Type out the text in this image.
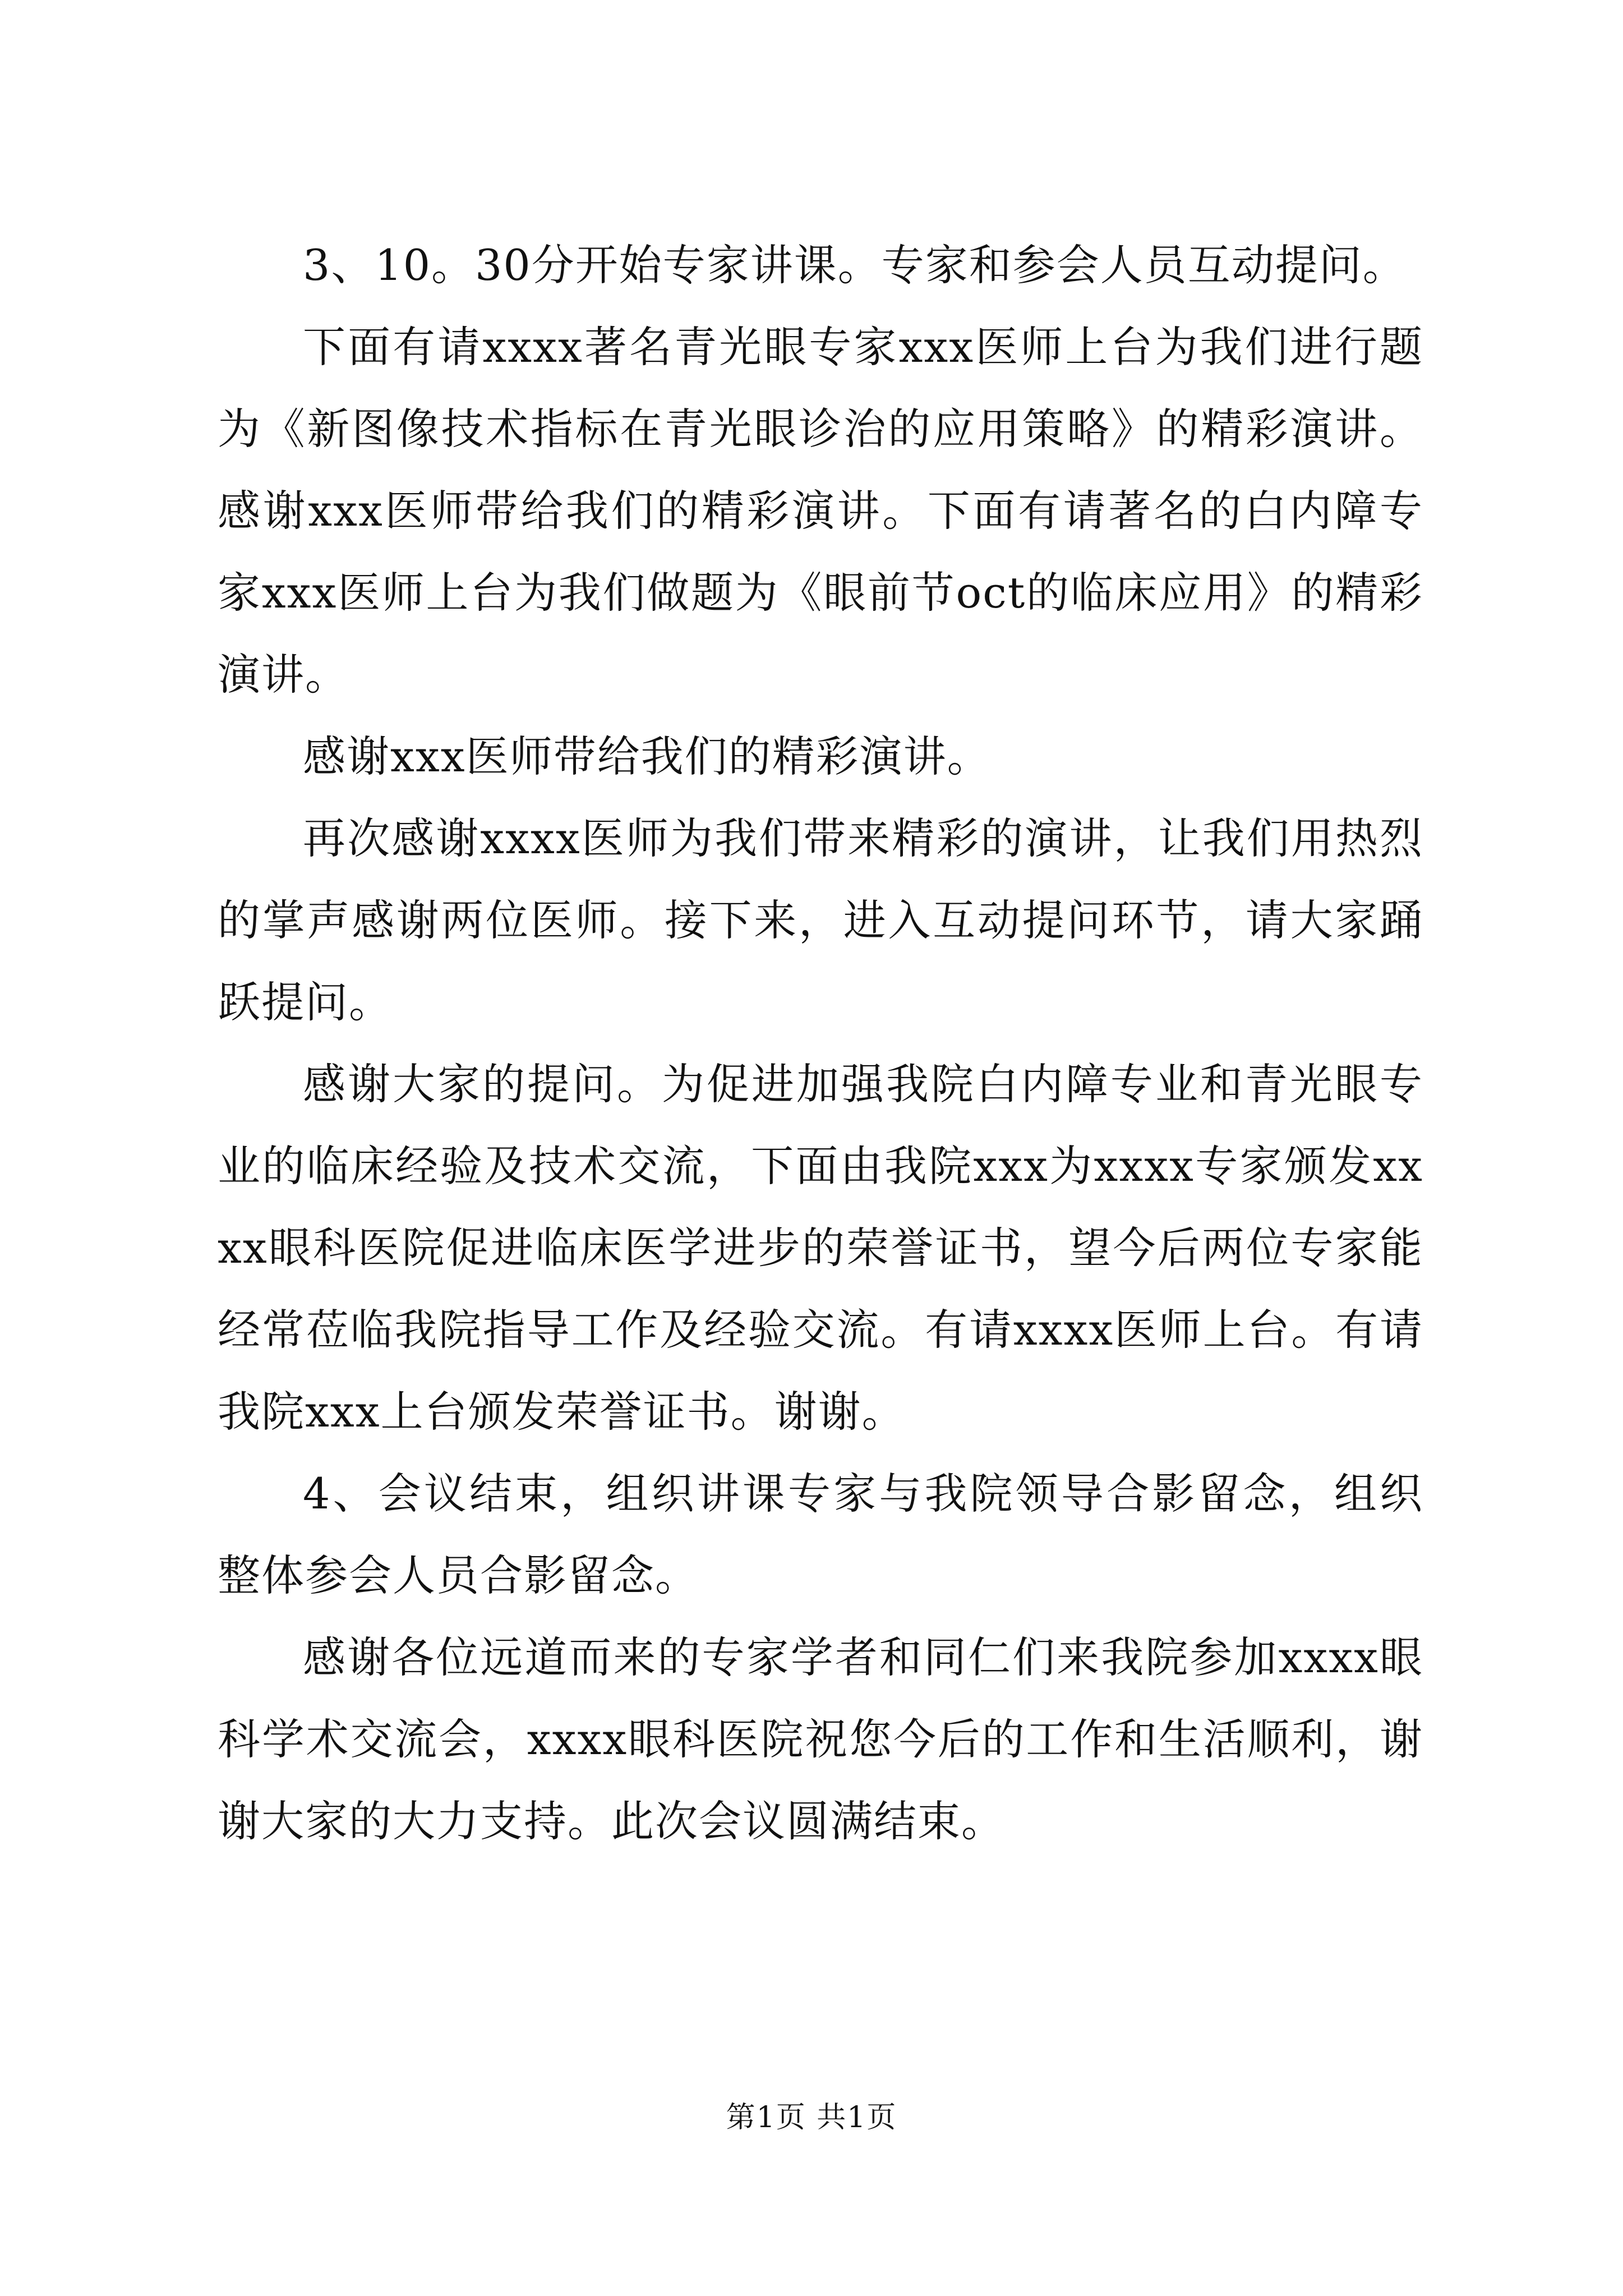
3、10。30分开始专家讲课。专家和参会人员互动提问。

下面有请xxxx著名青光眼专家xxx医师上台为我们进行题为《新图像技术指标在青光眼诊治的应用策略》的精彩演讲。感谢xxx医师带给我们的精彩演讲。下面有请著名的白内障专家xxx医师上台为我们做题为《眼前节oct的临床应用》的精彩演讲。

感谢xxx医师带给我们的精彩演讲。

再次感谢xxxx医师为我们带来精彩的演讲，让我们用热烈的掌声感谢两位医师。接下来，进入互动提问环节，请大家踊跃提问。

感谢大家的提问。为促进加强我院白内障专业和青光眼专业的临床经验及技术交流，下面由我院xxx为xxxx专家颁发xxxx眼科医院促进临床医学进步的荣誉证书，望今后两位专家能经常莅临我院指导工作及经验交流。有请xxxx医师上台。有请我院xxx上台颁发荣誉证书。谢谢。

4、会议结束，组织讲课专家与我院领导合影留念，组织整体参会人员合影留念。

感谢各位远道而来的专家学者和同仁们来我院参加xxxx眼科学术交流会，xxxx眼科医院祝您今后的工作和生活顺利，谢谢大家的大力支持。此次会议圆满结束。

第1页 共1页
